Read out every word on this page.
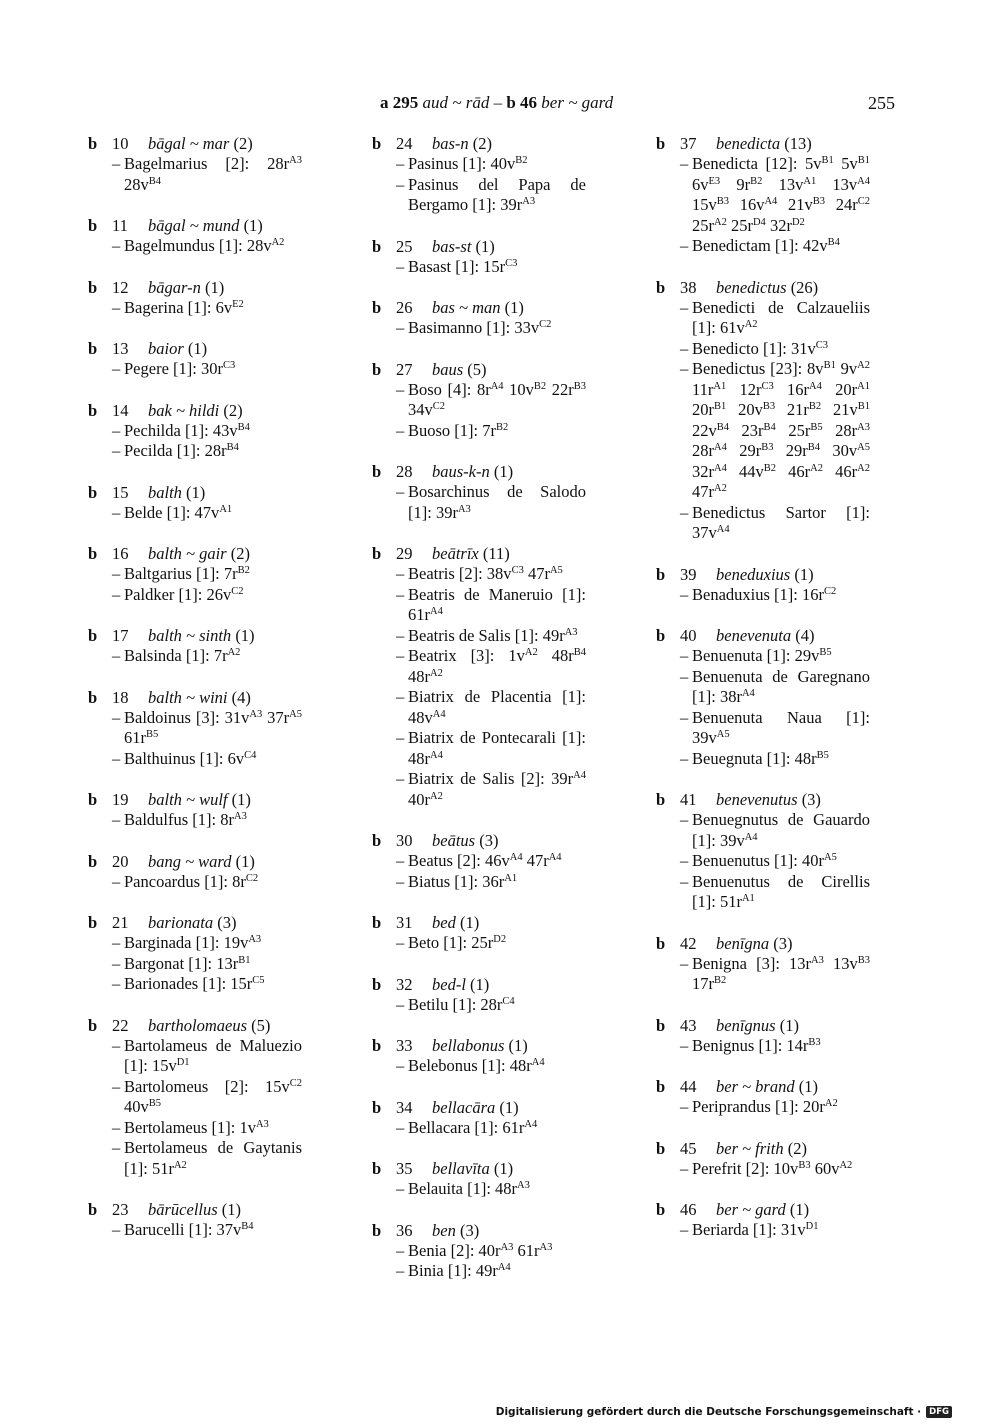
a 295 aud ~ rād – b 46 ber ~ gard	255
b 10	bāgal ~ mar (2)
– Bagelmarius [2]: $28r^{A3}$ $28v^{B4}$
b 11	bāgal ~ mund (1)
– Bagelmundus [1]: $28v^{A2}$
b 12	bāgar-n (1)
– Bagerina [1]: $6v^{E2}$
b 13	baior (1)
– Pegere [1]: $30r^{C3}$
b 14	bak ~ hildi (2)
– Pechilda [1]: $43v^{B4}$
– Pecilda [1]: $28r^{B4}$
b 15	balth (1)
– Belde [1]: $47v^{A1}$
b 16	balth ~ gair (2)
– Baltgarius [1]: $7r^{B2}$
– Paldker [1]: $26v^{C2}$
b 17	balth ~ sinth (1)
– Balsinda [1]: $7r^{A2}$
b 18	balth ~ wini (4)
– Baldoinus [3]: $31v^{A3}$ $37r^{A5}$ $61r^{B5}$
– Balthuinus [1]: $6v^{C4}$
b 19	balth ~ wulf (1)
– Baldulfus [1]: $8r^{A3}$
b 20	bang ~ ward (1)
– Pancoardus [1]: $8r^{C2}$
b 21	barionata (3)
– Barginada [1]: $19v^{A3}$
– Bargonat [1]: $13r^{B1}$
– Barionades [1]: $15r^{C5}$
b 22	bartholomaeus (5)
– Bartolameus de Maluezio [1]: $15v^{D1}$
– Bartolomeus [2]: $15v^{C2}$ $40v^{B5}$
– Bertolameus [1]: $1v^{A3}$
– Bertolameus de Gaytanis [1]: $51r^{A2}$
b 23	bārūcellus (1)
– Barucelli [1]: $37v^{B4}$
b 24	bas-n (2)
– Pasinus [1]: $40v^{B2}$
– Pasinus del Papa de Bergamo [1]: $39r^{A3}$
b 25	bas-st (1)
– Basast [1]: $15r^{C3}$
b 26	bas ~ man (1)
– Basimanno [1]: $33v^{C2}$
b 27	baus (5)
– Boso [4]: $8r^{A4}$ $10v^{B2}$ $22r^{B3}$ $34v^{C2}$
– Buoso [1]: $7r^{B2}$
b 28	baus-k-n (1)
– Bosarchinus de Salodo [1]: $39r^{A3}$
b 29	beātrīx (11)
– Beatris [2]: $38v^{C3}$ $47r^{A5}$
– Beatris de Maneruio [1]: $61r^{A4}$
– Beatris de Salis [1]: $49r^{A3}$
– Beatrix [3]: $1v^{A2}$ $48r^{B4}$ $48r^{A2}$
– Biatrix de Placentia [1]: $48v^{A4}$
– Biatrix de Pontecarali [1]: $48r^{A4}$
– Biatrix de Salis [2]: $39r^{A4}$ $40r^{A2}$
b 30	beātus (3)
– Beatus [2]: $46v^{A4}$ $47r^{A4}$
– Biatus [1]: $36r^{A1}$
b 31	bed (1)
– Beto [1]: $25r^{D2}$
b 32	bed-l (1)
– Betilu [1]: $28r^{C4}$
b 33	bellabonus (1)
– Belebonus [1]: $48r^{A4}$
b 34	bellacāra (1)
– Bellacara [1]: $61r^{A4}$
b 35	bellavīta (1)
– Belauita [1]: $48r^{A3}$
b 36	ben (3)
– Benia [2]: $40r^{A3}$ $61r^{A3}$
– Binia [1]: $49r^{A4}$
b 37	benedicta (13)
– Benedicta [12]: $5v^{B1}$ $5v^{B1}$ $6v^{E3}$ $9r^{B2}$ $13v^{A1}$ $13v^{A4}$ $15v^{B3}$ $16v^{A4}$ $21v^{B3}$ $24r^{C2}$ $25r^{A2}$ $25r^{D4}$ $32r^{D2}$
– Benedictam [1]: $42v^{B4}$
b 38	benedictus (26)
– Benedicti de Calzaueliis [1]: $61v^{A2}$
– Benedicto [1]: $31v^{C3}$
– Benedictus [23]: $8v^{B1}$ $9v^{A2}$ $11r^{A1}$ $12r^{C3}$ $16r^{A4}$ $20r^{A1}$ $20r^{B1}$ $20v^{B3}$ $21r^{B2}$ $21v^{B1}$ $22v^{B4}$ $23r^{B4}$ $25r^{B5}$ $28r^{A3}$ $28r^{A4}$ $29r^{B3}$ $29r^{B4}$ $30v^{A5}$ $32r^{A4}$ $44v^{B2}$ $46r^{A2}$ $46r^{A2}$ $47r^{A2}$
– Benedictus Sartor [1]: $37v^{A4}$
b 39	beneduxius (1)
– Benaduxius [1]: $16r^{C2}$
b 40	benevenuta (4)
– Benuenuta [1]: $29v^{B5}$
– Benuenuta de Garegnano [1]: $38r^{A4}$
– Benuenuta Naua [1]: $39v^{A5}$
– Beuegnuta [1]: $48r^{B5}$
b 41	benevenutus (3)
– Benuegnutus de Gauardo [1]: $39v^{A4}$
– Benuenutus [1]: $40r^{A5}$
– Benuenutus de Cirellis [1]: $51r^{A1}$
b 42	benīgna (3)
– Benigna [3]: $13r^{A3}$ $13v^{B3}$ $17r^{B2}$
b 43	benīgnus (1)
– Benignus [1]: $14r^{B3}$
b 44	ber ~ brand (1)
– Periprandus [1]: $20r^{A2}$
b 45	ber ~ frith (2)
– Perefrit [2]: $10v^{B3}$ $60v^{A2}$
b 46	ber ~ gard (1)
– Beriarda [1]: $31v^{D1}$
Digitalisierung gefördert durch die Deutsche Forschungsgemeinschaft · DFG
